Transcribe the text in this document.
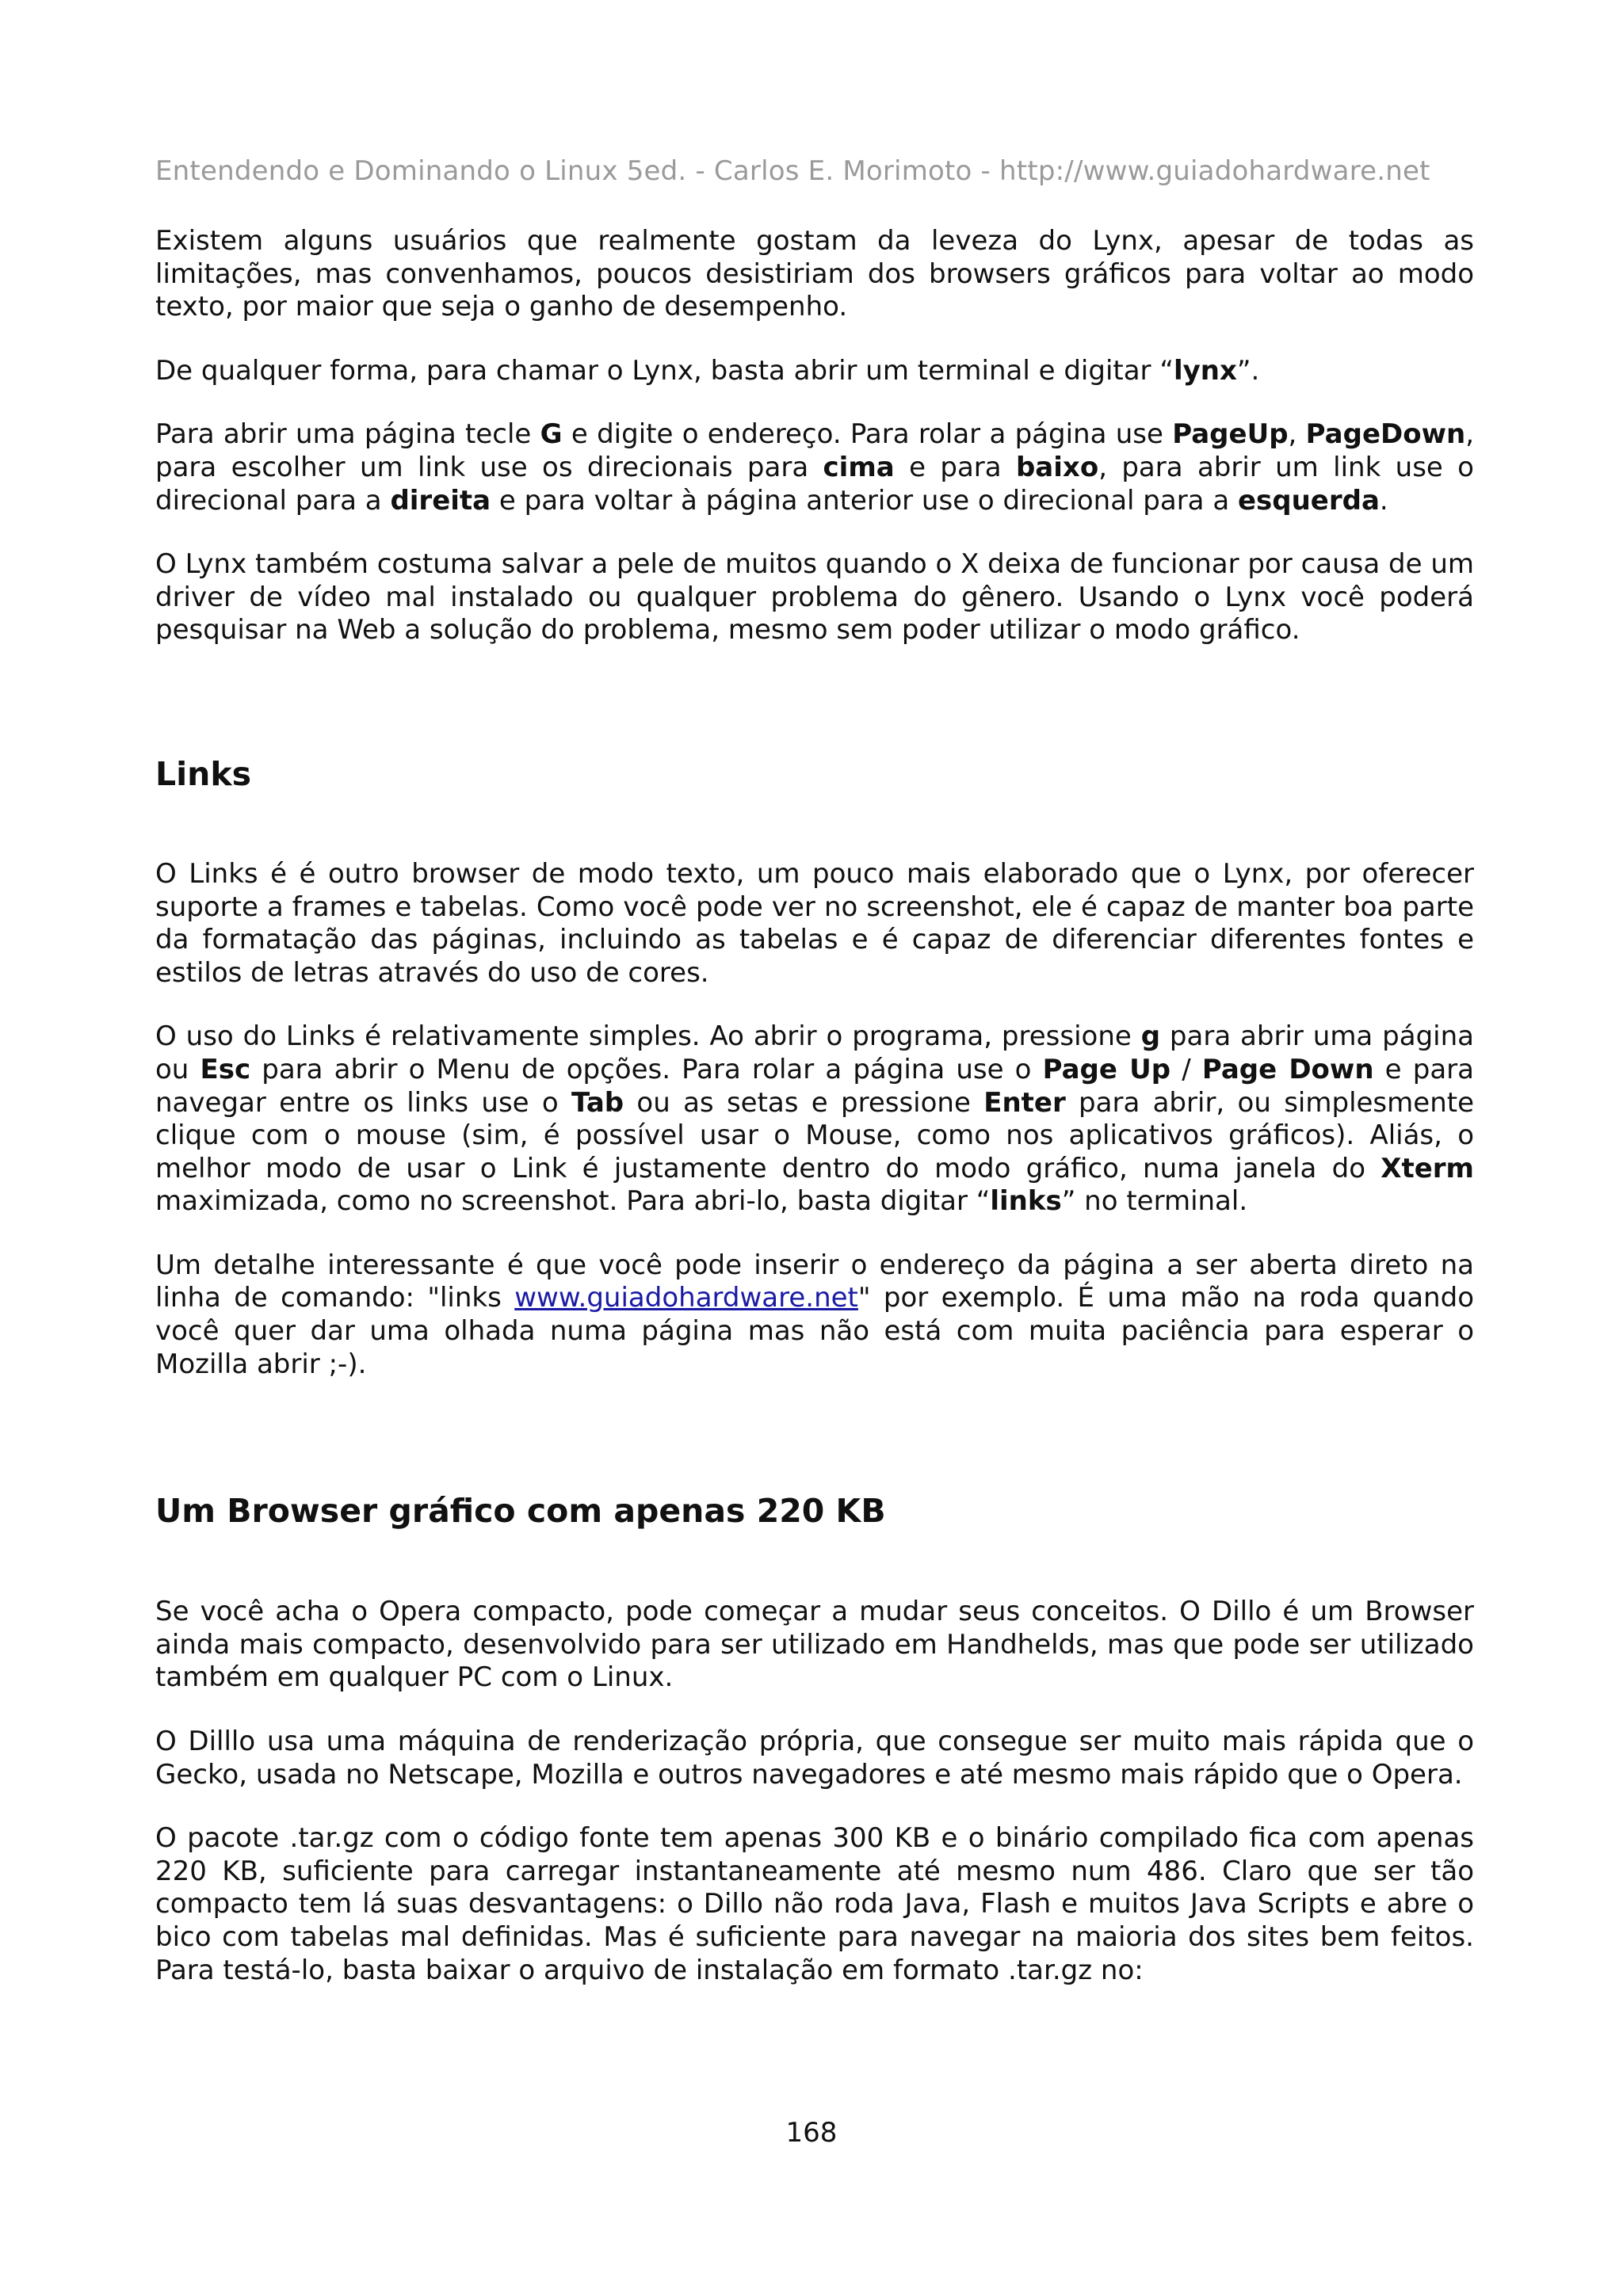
Entendendo e Dominando o Linux 5ed. - Carlos E. Morimoto - http://www.guiadohardware.net

Existem alguns usuários que realmente gostam da leveza do Lynx, apesar de todas as limitações, mas convenhamos, poucos desistiriam dos browsers gráficos para voltar ao modo texto, por maior que seja o ganho de desempenho.

De qualquer forma, para chamar o Lynx, basta abrir um terminal e digitar “lynx”.

Para abrir uma página tecle G e digite o endereço. Para rolar a página use PageUp, PageDown, para escolher um link use os direcionais para cima e para baixo, para abrir um link use o direcional para a direita e para voltar à página anterior use o direcional para a esquerda.

O Lynx também costuma salvar a pele de muitos quando o X deixa de funcionar por causa de um driver de vídeo mal instalado ou qualquer problema do gênero. Usando o Lynx você poderá pesquisar na Web a solução do problema, mesmo sem poder utilizar o modo gráfico.

Links

O Links é é outro browser de modo texto, um pouco mais elaborado que o Lynx, por oferecer suporte a frames e tabelas. Como você pode ver no screenshot, ele é capaz de manter boa parte da formatação das páginas, incluindo as tabelas e é capaz de diferenciar diferentes fontes e estilos de letras através do uso de cores.

O uso do Links é relativamente simples. Ao abrir o programa, pressione g para abrir uma página ou Esc para abrir o Menu de opções. Para rolar a página use o Page Up / Page Down e para navegar entre os links use o Tab ou as setas e pressione Enter para abrir, ou simplesmente clique com o mouse (sim, é possível usar o Mouse, como nos aplicativos gráficos). Aliás, o melhor modo de usar o Link é justamente dentro do modo gráfico, numa janela do Xterm maximizada, como no screenshot. Para abri-lo, basta digitar “links” no terminal.

Um detalhe interessante é que você pode inserir o endereço da página a ser aberta direto na linha de comando: "links www.guiadohardware.net" por exemplo. É uma mão na roda quando você quer dar uma olhada numa página mas não está com muita paciência para esperar o Mozilla abrir ;-).

Um Browser gráfico com apenas 220 KB

Se você acha o Opera compacto, pode começar a mudar seus conceitos. O Dillo é um Browser ainda mais compacto, desenvolvido para ser utilizado em Handhelds, mas que pode ser utilizado também em qualquer PC com o Linux.

O Dilllo usa uma máquina de renderização própria, que consegue ser muito mais rápida que o Gecko, usada no Netscape, Mozilla e outros navegadores e até mesmo mais rápido que o Opera.

O pacote .tar.gz com o código fonte tem apenas 300 KB e o binário compilado fica com apenas 220 KB, suficiente para carregar instantaneamente até mesmo num 486. Claro que ser tão compacto tem lá suas desvantagens: o Dillo não roda Java, Flash e muitos Java Scripts e abre o bico com tabelas mal definidas. Mas é suficiente para navegar na maioria dos sites bem feitos. Para testá-lo, basta baixar o arquivo de instalação em formato .tar.gz no:

168
